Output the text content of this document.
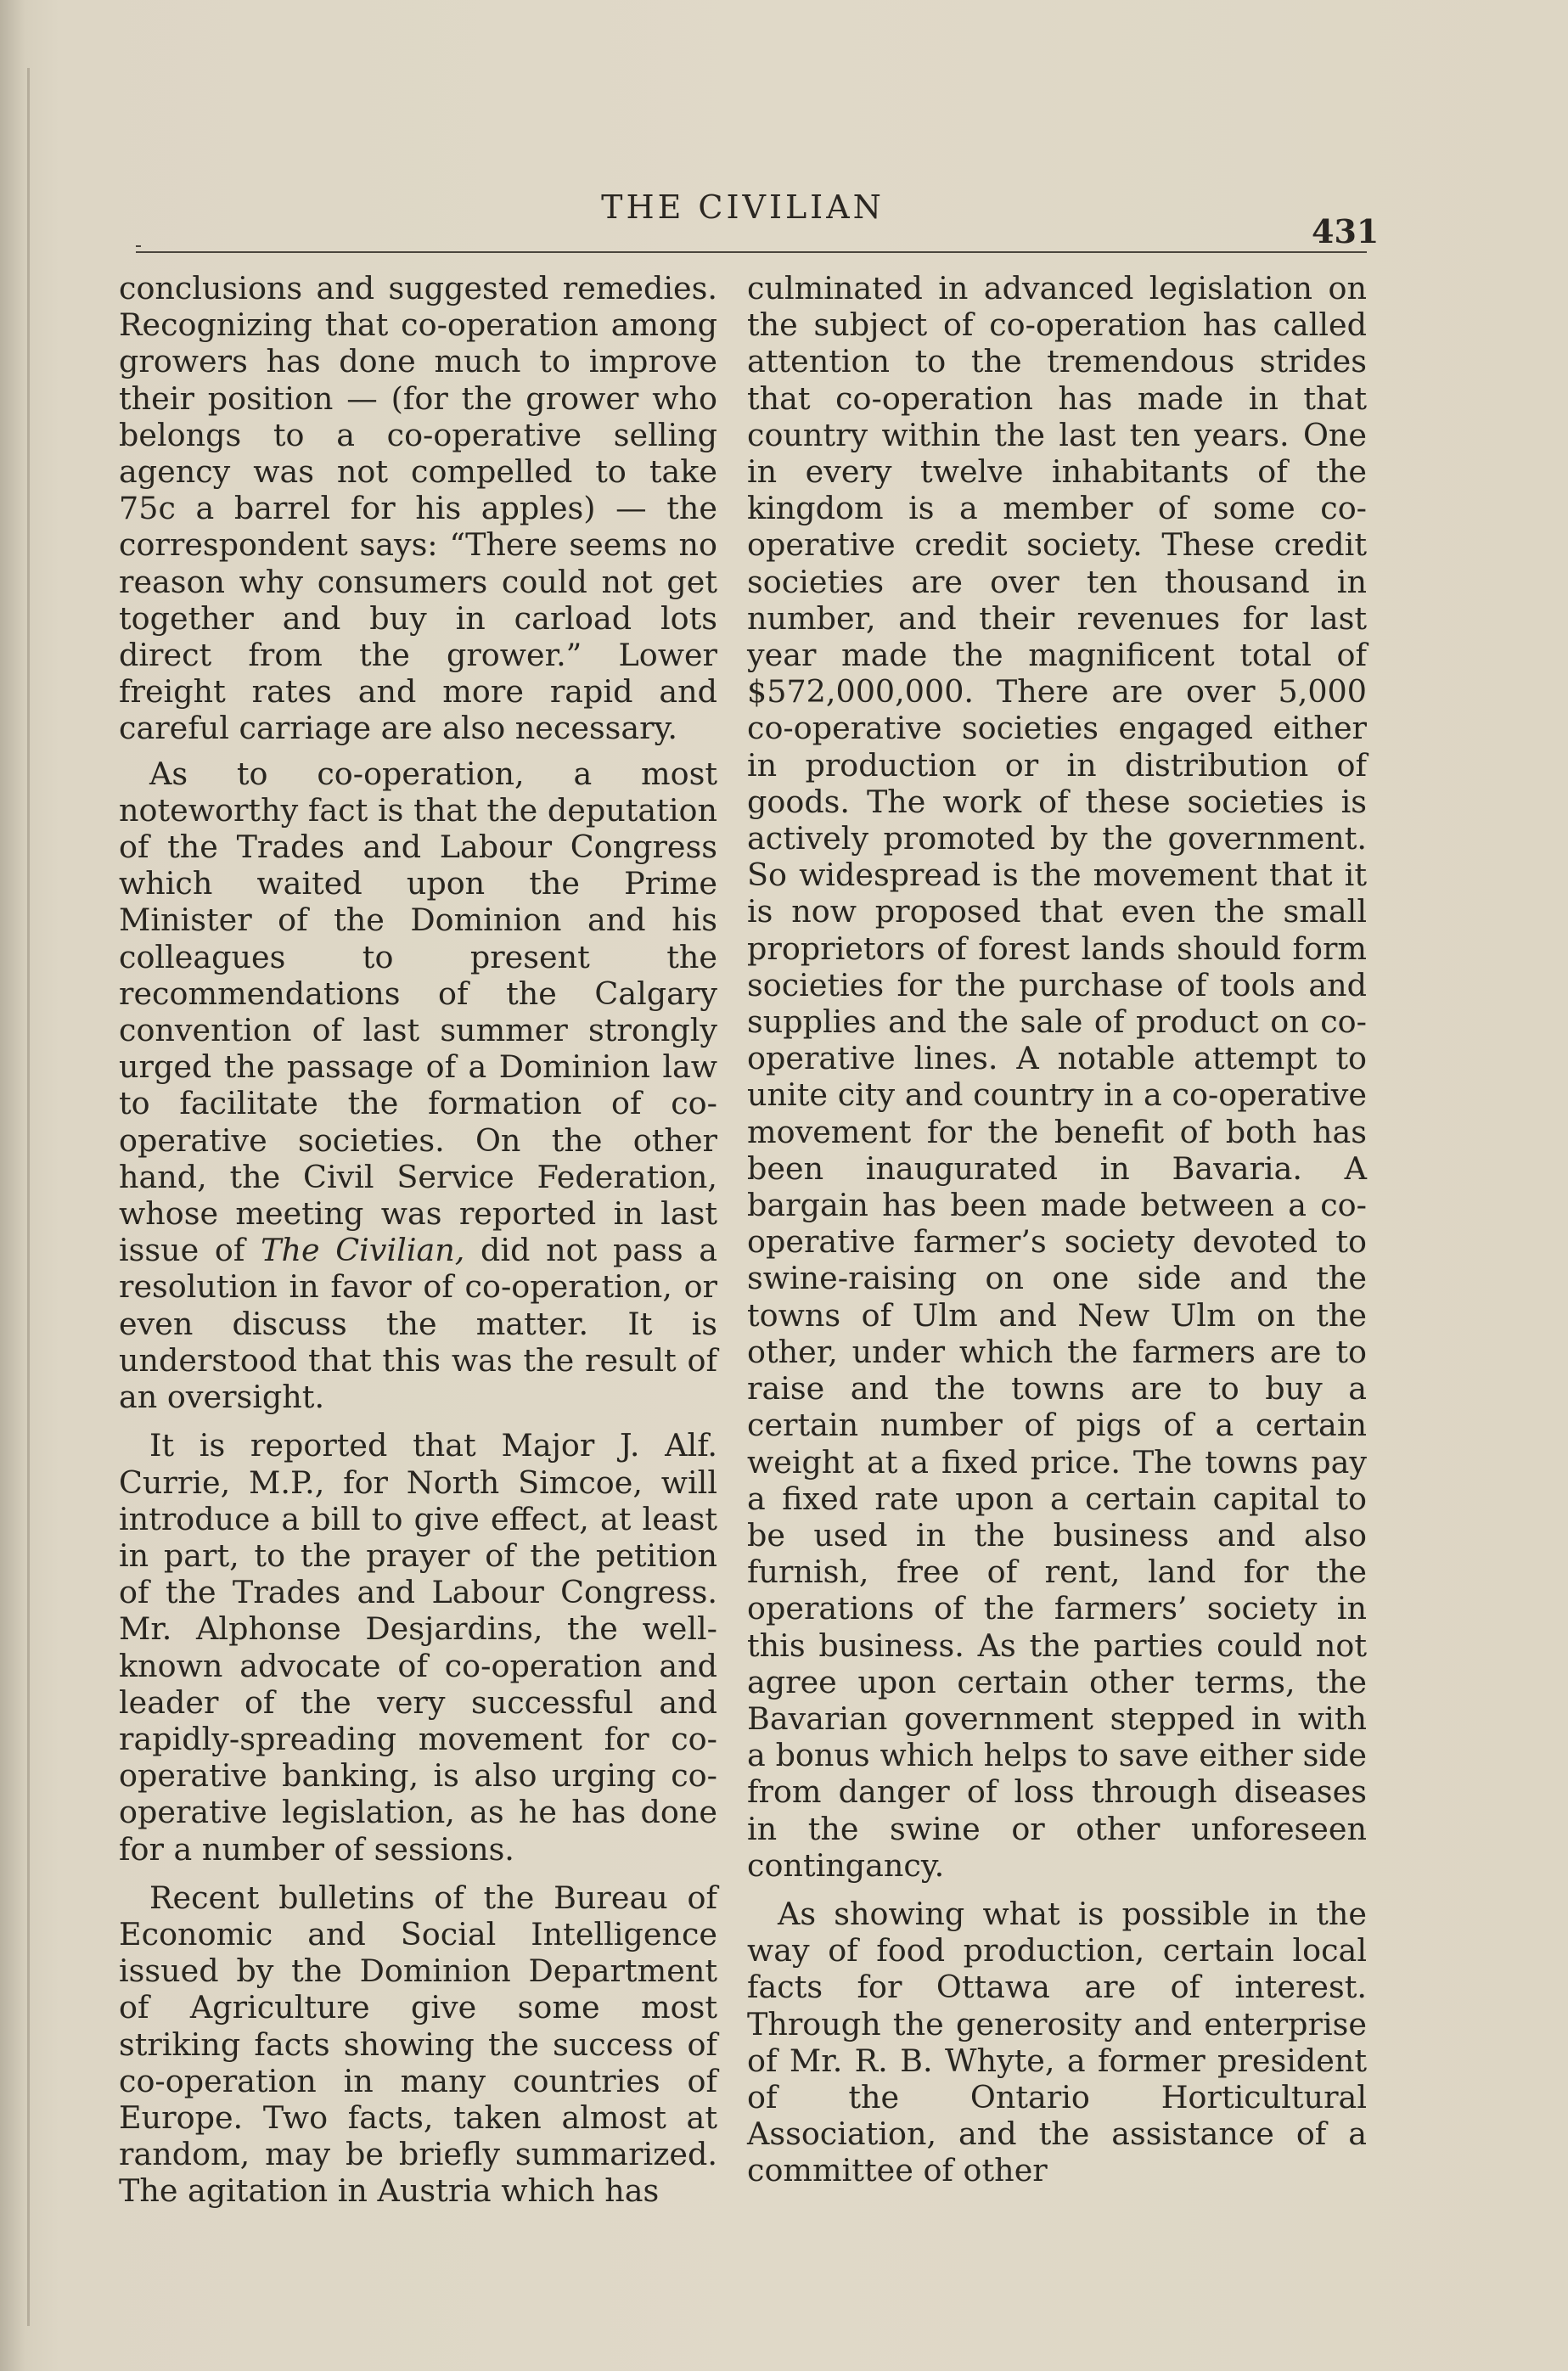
THE CIVILIAN
431

conclusions and suggested remedies. Recognizing that co-operation among growers has done much to improve their position — (for the grower who belongs to a co-operative selling agency was not compelled to take 75c a barrel for his apples) — the correspondent says: “There seems no reason why consumers could not get together and buy in carload lots direct from the grower.” Lower freight rates and more rapid and careful carriage are also necessary.

As to co-operation, a most noteworthy fact is that the deputation of the Trades and Labour Congress which waited upon the Prime Minister of the Dominion and his colleagues to present the recommendations of the Calgary convention of last summer strongly urged the passage of a Dominion law to facilitate the formation of co-operative societies. On the other hand, the Civil Service Federation, whose meeting was reported in last issue of The Civilian, did not pass a resolution in favor of co-operation, or even discuss the matter. It is understood that this was the result of an oversight.

It is reported that Major J. Alf. Currie, M.P., for North Simcoe, will introduce a bill to give effect, at least in part, to the prayer of the petition of the Trades and Labour Congress. Mr. Alphonse Desjardins, the well-known advocate of co-operation and leader of the very successful and rapidly-spreading movement for co-operative banking, is also urging co-operative legislation, as he has done for a number of sessions.

Recent bulletins of the Bureau of Economic and Social Intelligence issued by the Dominion Department of Agriculture give some most striking facts showing the success of co-operation in many countries of Europe. Two facts, taken almost at random, may be briefly summarized. The agitation in Austria which has

culminated in advanced legislation on the subject of co-operation has called attention to the tremendous strides that co-operation has made in that country within the last ten years. One in every twelve inhabitants of the kingdom is a member of some co-operative credit society. These credit societies are over ten thousand in number, and their revenues for last year made the magnificent total of $572,000,000. There are over 5,000 co-operative societies engaged either in production or in distribution of goods. The work of these societies is actively promoted by the government. So widespread is the movement that it is now proposed that even the small proprietors of forest lands should form societies for the purchase of tools and supplies and the sale of product on co-operative lines. A notable attempt to unite city and country in a co-operative movement for the benefit of both has been inaugurated in Bavaria. A bargain has been made between a co-operative farmer’s society devoted to swine-raising on one side and the towns of Ulm and New Ulm on the other, under which the farmers are to raise and the towns are to buy a certain number of pigs of a certain weight at a fixed price. The towns pay a fixed rate upon a certain capital to be used in the business and also furnish, free of rent, land for the operations of the farmers’ society in this business. As the parties could not agree upon certain other terms, the Bavarian government stepped in with a bonus which helps to save either side from danger of loss through diseases in the swine or other unforeseen contingancy.

As showing what is possible in the way of food production, certain local facts for Ottawa are of interest. Through the generosity and enterprise of Mr. R. B. Whyte, a former president of the Ontario Horticultural Association, and the assistance of a committee of other
